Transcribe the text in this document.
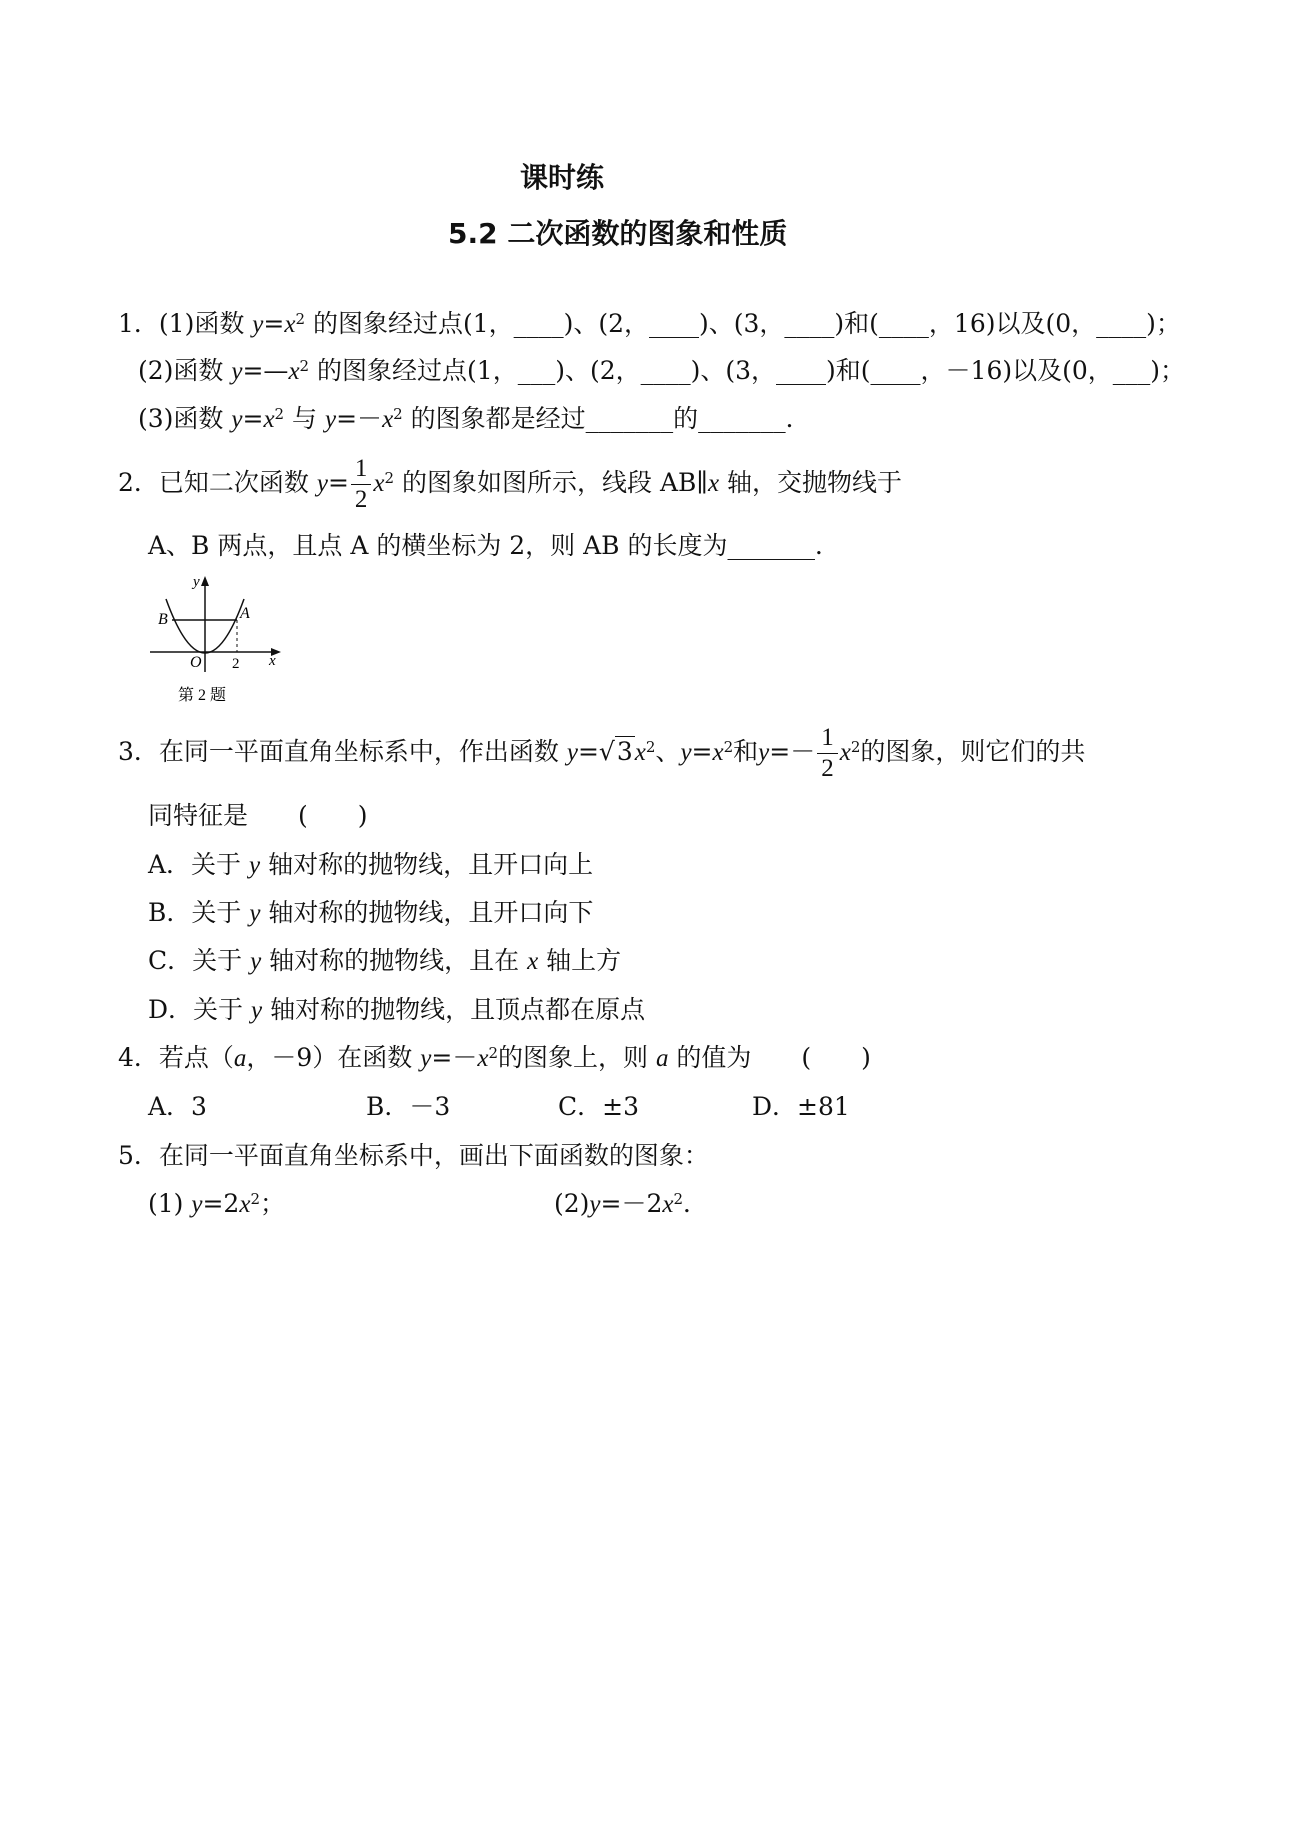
课时练
5.2 二次函数的图象和性质
1．(1)函数 $y=x^2$ 的图象经过点(1，____)、(2，____)、(3，____)和(____，16)以及(0，____)；
(2)函数 $y=—x^2$ 的图象经过点(1，___)、(2，____)、(3，____)和(____，－16)以及(0，___)；
(3)函数 $y=x^2$ 与 $y=-x^2$ 的图象都是经过_______的_______．
2．已知二次函数 $y= \frac{1}{2} x^2$ 的图象如图所示，线段 AB∥x 轴，交抛物线于
A、B 两点，且点 A 的横坐标为 2，则 AB 的长度为_______．
y
x
O
A
B
2
第 2 题
3．在同一平面直角坐标系中，作出函数 $y=√3x^2$、$y=x^2$和$y=- \frac{1}{2} x^2$的图象，则它们的共
同特征是　　(　　)
A．关于 y 轴对称的抛物线，且开口向上
B．关于 y 轴对称的抛物线，且开口向下
C．关于 y 轴对称的抛物线，且在 x 轴上方
D．关于 y 轴对称的抛物线，且顶点都在原点
4．若点（a，－9）在函数 $y=-x^2$的图象上，则 a 的值为　　(　　)
A．3	B．－3	C．±3	D．±81
5．在同一平面直角坐标系中，画出下面函数的图象：
(1) $y=2x^2$；	$(2)y=-2x^2$．
